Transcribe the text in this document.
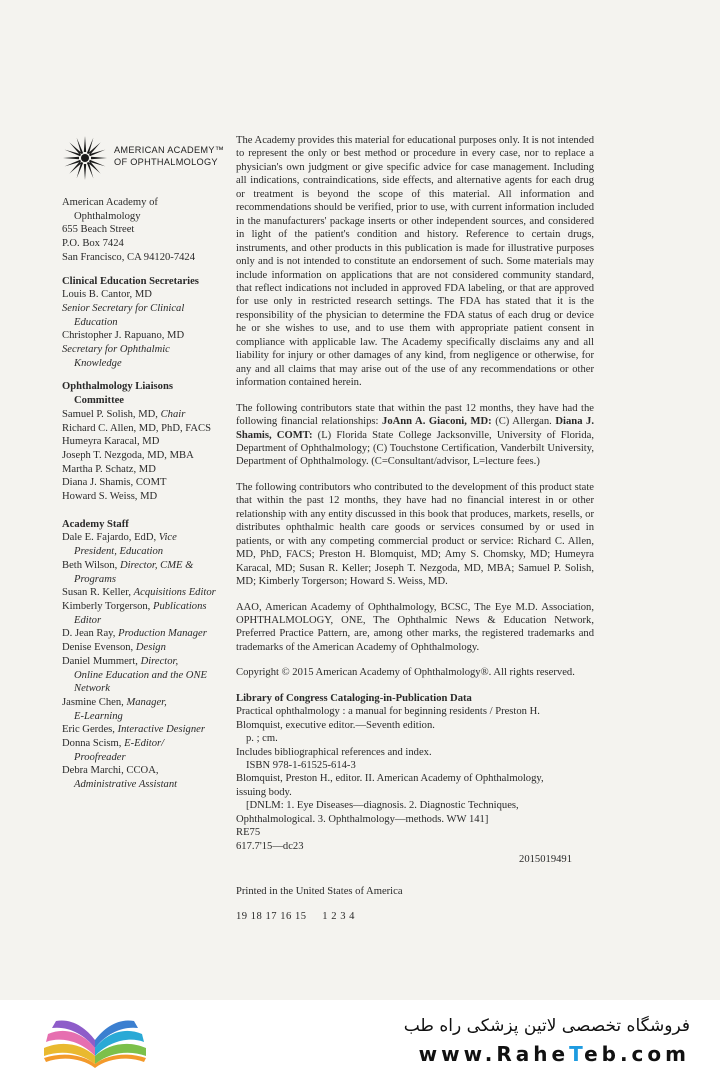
AMERICAN ACADEMY™
OF OPHTHALMOLOGY
American Academy of
Ophthalmology
655 Beach Street
P.O. Box 7424
San Francisco, CA 94120-7424
Clinical Education Secretaries
Louis B. Cantor, MD
Senior Secretary for Clinical
Education
Christopher J. Rapuano, MD
Secretary for Ophthalmic
Knowledge
Ophthalmology Liaisons
Committee
Samuel P. Solish, MD, Chair
Richard C. Allen, MD, PhD, FACS
Humeyra Karacal, MD
Joseph T. Nezgoda, MD, MBA
Martha P. Schatz, MD
Diana J. Shamis, COMT
Howard S. Weiss, MD
Academy Staff
Dale E. Fajardo, EdD, Vice
President, Education
Beth Wilson, Director, CME &
Programs
Susan R. Keller, Acquisitions Editor
Kimberly Torgerson, Publications
Editor
D. Jean Ray, Production Manager
Denise Evenson, Design
Daniel Mummert, Director,
Online Education and the ONE
Network
Jasmine Chen, Manager,
E-Learning
Eric Gerdes, Interactive Designer
Donna Scism, E-Editor/
Proofreader
Debra Marchi, CCOA,
Administrative Assistant

The Academy provides this material for educational purposes only. It is not intended to represent the only or best method or procedure in every case, nor to replace a physician's own judgment or give specific advice for case management. Including all indications, contraindications, side effects, and alternative agents for each drug or treatment is beyond the scope of this material. All information and recommendations should be verified, prior to use, with current information included in the manufacturers' package inserts or other independent sources, and considered in light of the patient's condition and history. Reference to certain drugs, instruments, and other products in this publication is made for illustrative purposes only and is not intended to constitute an endorsement of such. Some materials may include information on applications that are not considered community standard, that reflect indications not included in approved FDA labeling, or that are approved for use only in restricted research settings. The FDA has stated that it is the responsibility of the physician to determine the FDA status of each drug or device he or she wishes to use, and to use them with appropriate patient consent in compliance with applicable law. The Academy specifically disclaims any and all liability for injury or other damages of any kind, from negligence or otherwise, for any and all claims that may arise out of the use of any recommendations or other information contained herein.

The following contributors state that within the past 12 months, they have had the following financial relationships: JoAnn A. Giaconi, MD: (C) Allergan. Diana J. Shamis, COMT: (L) Florida State College Jacksonville, University of Florida, Department of Ophthalmology; (C) Touchstone Certification, Vanderbilt University, Department of Ophthalmology. (C=Consultant/advisor, L=lecture fees.)

The following contributors who contributed to the development of this product state that within the past 12 months, they have had no financial interest in or other relationship with any entity discussed in this book that produces, markets, resells, or distributes ophthalmic health care goods or services consumed by or used in patients, or with any competing commercial product or service: Richard C. Allen, MD, PhD, FACS; Preston H. Blomquist, MD; Amy S. Chomsky, MD; Humeyra Karacal, MD; Susan R. Keller; Joseph T. Nezgoda, MD, MBA; Samuel P. Solish, MD; Kimberly Torgerson; Howard S. Weiss, MD.

AAO, American Academy of Ophthalmology, BCSC, The Eye M.D. Association, OPHTHALMOLOGY, ONE, The Ophthalmic News & Education Network, Preferred Practice Pattern, are, among other marks, the registered trademarks and trademarks of the American Academy of Ophthalmology.

Copyright © 2015 American Academy of Ophthalmology®. All rights reserved.

Library of Congress Cataloging-in-Publication Data
Practical ophthalmology : a manual for beginning residents / Preston H.
Blomquist, executive editor.—Seventh edition.
p. ; cm.
Includes bibliographical references and index.
ISBN 978-1-61525-614-3
Blomquist, Preston H., editor. II. American Academy of Ophthalmology,
issuing body.
[DNLM: 1. Eye Diseases—diagnosis. 2. Diagnostic Techniques,
Ophthalmological. 3. Ophthalmology—methods. WW 141]
RE75
617.7'15—dc23
2015019491
Printed in the United States of America
19 18 17 16 15     1 2 3 4
فروشگاه تخصصی لاتین پزشکی راه طب
www.RaheTeb.com
